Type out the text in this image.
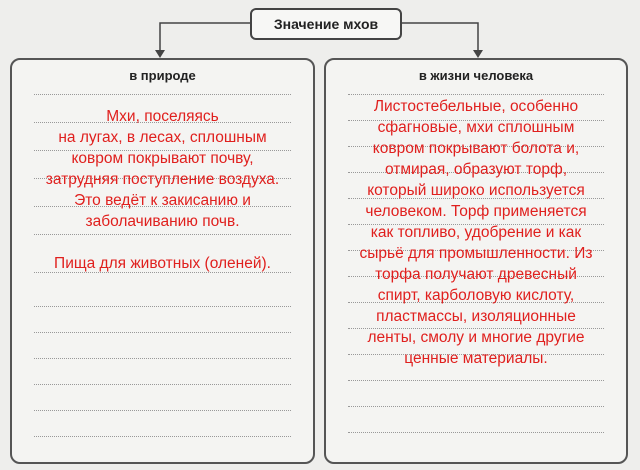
Значение мхов
в природе
Мхи, поселяясь
на лугах, в лесах, сплошным
ковром покрывают почву,
затрудняя поступление воздуха.
Это ведёт к закисанию и
заболачиванию почв.
Пища для животных (оленей).
в жизни человека
Листостебельные, особенно
сфагновые, мхи сплошным
ковром покрывают болота и,
отмирая, образуют торф,
который широко используется
человеком. Торф применяется
как топливо, удобрение и как
сырьё для промышленности. Из
торфа получают древесный
спирт, карболовую кислоту,
пластмассы, изоляционные
ленты, смолу и многие другие
ценные материалы.
